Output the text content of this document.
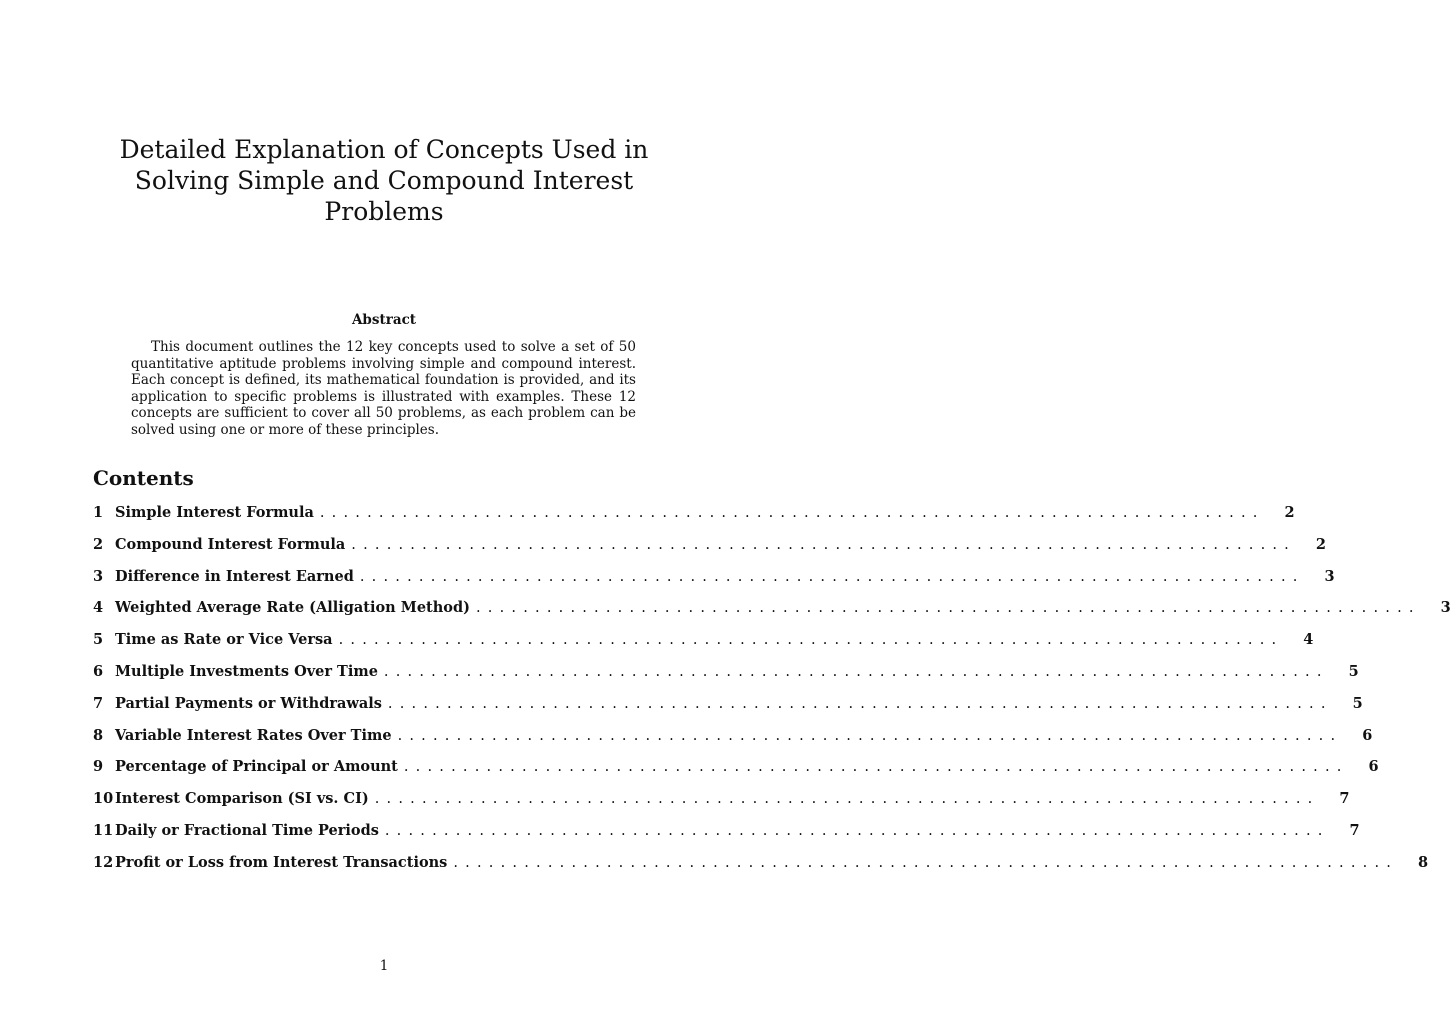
Detailed Explanation of Concepts Used in Solving Simple and Compound Interest Problems
Abstract

This document outlines the 12 key concepts used to solve a set of 50 quantitative aptitude problems involving simple and compound interest. Each concept is defined, its mathematical foundation is provided, and its application to specific problems is illustrated with examples. These 12 concepts are sufficient to cover all 50 problems, as each problem can be solved using one or more of these principles.

Contents
1 Simple Interest Formula ................................................................................	2
2 Compound Interest Formula ................................................................................	2
3 Difference in Interest Earned ................................................................................	3
4 Weighted Average Rate (Alligation Method) ................................................................................	3
5 Time as Rate or Vice Versa ................................................................................	4
6 Multiple Investments Over Time ................................................................................	5
7 Partial Payments or Withdrawals ................................................................................	5
8 Variable Interest Rates Over Time ................................................................................	6
9 Percentage of Principal or Amount ................................................................................	6
10 Interest Comparison (SI vs. CI) ................................................................................	7
11 Daily or Fractional Time Periods ................................................................................	7
12 Profit or Loss from Interest Transactions ................................................................................	8
1
